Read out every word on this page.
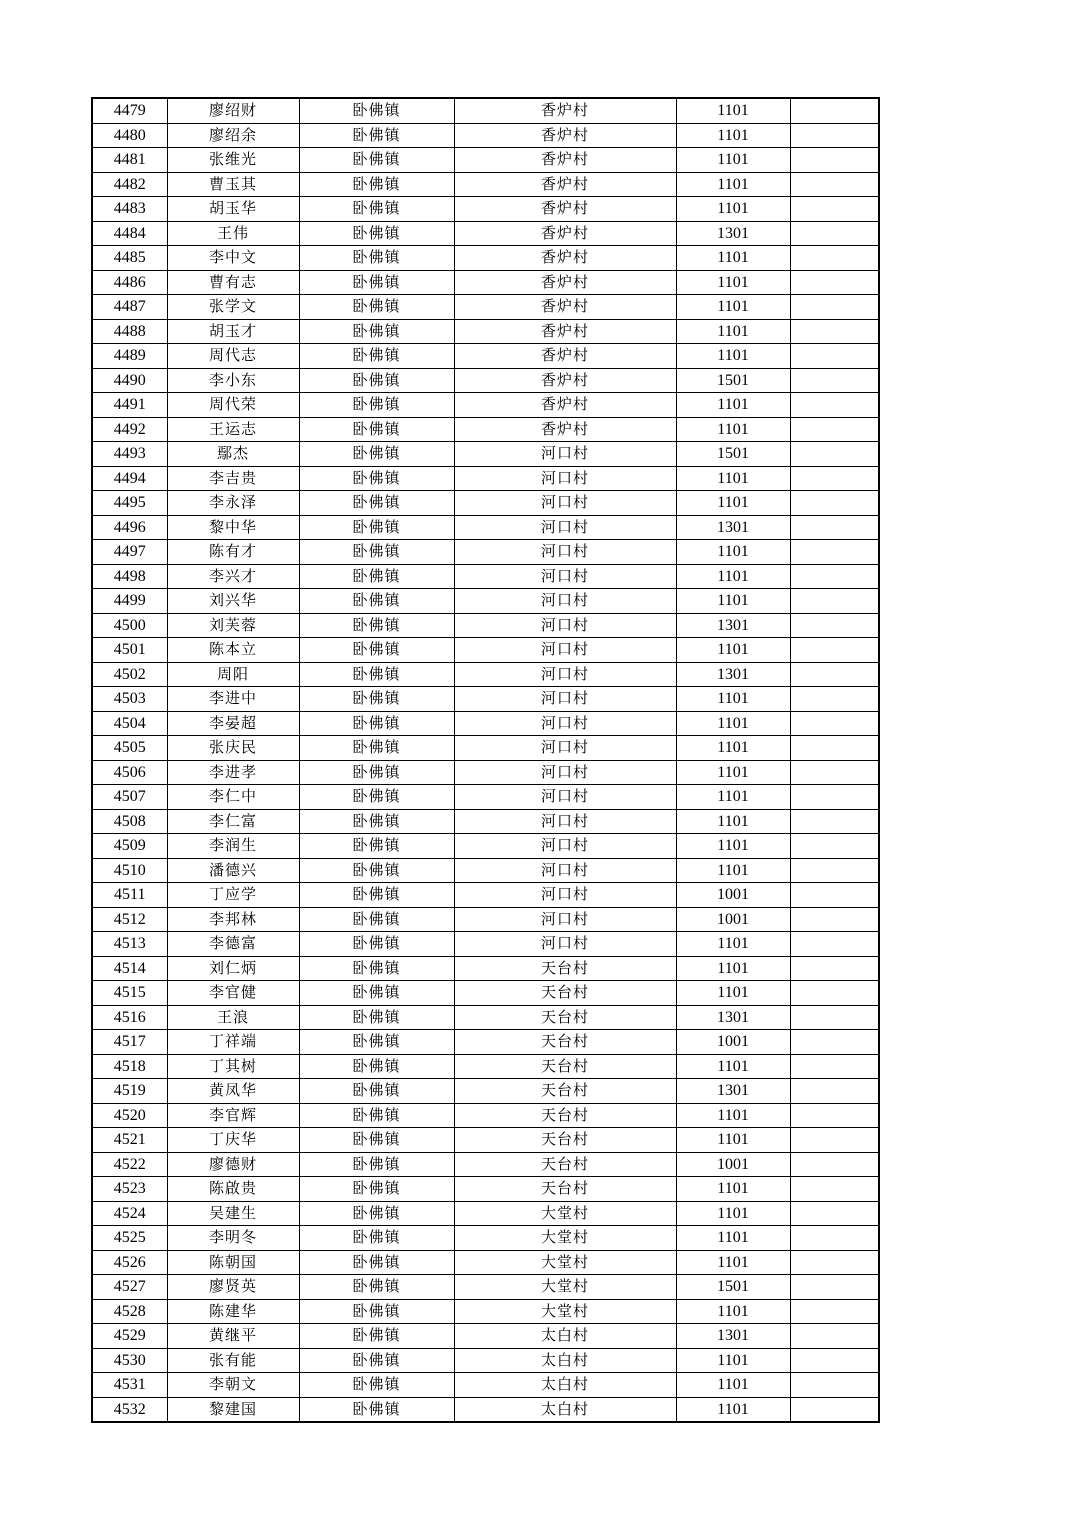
4479	廖绍财	卧佛镇	香炉村	1101	
4480	廖绍余	卧佛镇	香炉村	1101	
4481	张维光	卧佛镇	香炉村	1101	
4482	曹玉其	卧佛镇	香炉村	1101	
4483	胡玉华	卧佛镇	香炉村	1101	
4484	王伟	卧佛镇	香炉村	1301	
4485	李中文	卧佛镇	香炉村	1101	
4486	曹有志	卧佛镇	香炉村	1101	
4487	张学文	卧佛镇	香炉村	1101	
4488	胡玉才	卧佛镇	香炉村	1101	
4489	周代志	卧佛镇	香炉村	1101	
4490	李小东	卧佛镇	香炉村	1501	
4491	周代荣	卧佛镇	香炉村	1101	
4492	王运志	卧佛镇	香炉村	1101	
4493	鄢杰	卧佛镇	河口村	1501	
4494	李吉贵	卧佛镇	河口村	1101	
4495	李永泽	卧佛镇	河口村	1101	
4496	黎中华	卧佛镇	河口村	1301	
4497	陈有才	卧佛镇	河口村	1101	
4498	李兴才	卧佛镇	河口村	1101	
4499	刘兴华	卧佛镇	河口村	1101	
4500	刘芙蓉	卧佛镇	河口村	1301	
4501	陈本立	卧佛镇	河口村	1101	
4502	周阳	卧佛镇	河口村	1301	
4503	李进中	卧佛镇	河口村	1101	
4504	李晏超	卧佛镇	河口村	1101	
4505	张庆民	卧佛镇	河口村	1101	
4506	李进孝	卧佛镇	河口村	1101	
4507	李仁中	卧佛镇	河口村	1101	
4508	李仁富	卧佛镇	河口村	1101	
4509	李润生	卧佛镇	河口村	1101	
4510	潘德兴	卧佛镇	河口村	1101	
4511	丁应学	卧佛镇	河口村	1001	
4512	李邦林	卧佛镇	河口村	1001	
4513	李德富	卧佛镇	河口村	1101	
4514	刘仁炳	卧佛镇	天台村	1101	
4515	李官健	卧佛镇	天台村	1101	
4516	王浪	卧佛镇	天台村	1301	
4517	丁祥端	卧佛镇	天台村	1001	
4518	丁其树	卧佛镇	天台村	1101	
4519	黄凤华	卧佛镇	天台村	1301	
4520	李官辉	卧佛镇	天台村	1101	
4521	丁庆华	卧佛镇	天台村	1101	
4522	廖德财	卧佛镇	天台村	1001	
4523	陈啟贵	卧佛镇	天台村	1101	
4524	吴建生	卧佛镇	大堂村	1101	
4525	李明冬	卧佛镇	大堂村	1101	
4526	陈朝国	卧佛镇	大堂村	1101	
4527	廖贤英	卧佛镇	大堂村	1501	
4528	陈建华	卧佛镇	大堂村	1101	
4529	黄继平	卧佛镇	太白村	1301	
4530	张有能	卧佛镇	太白村	1101	
4531	李朝文	卧佛镇	太白村	1101	
4532	黎建国	卧佛镇	太白村	1101	
